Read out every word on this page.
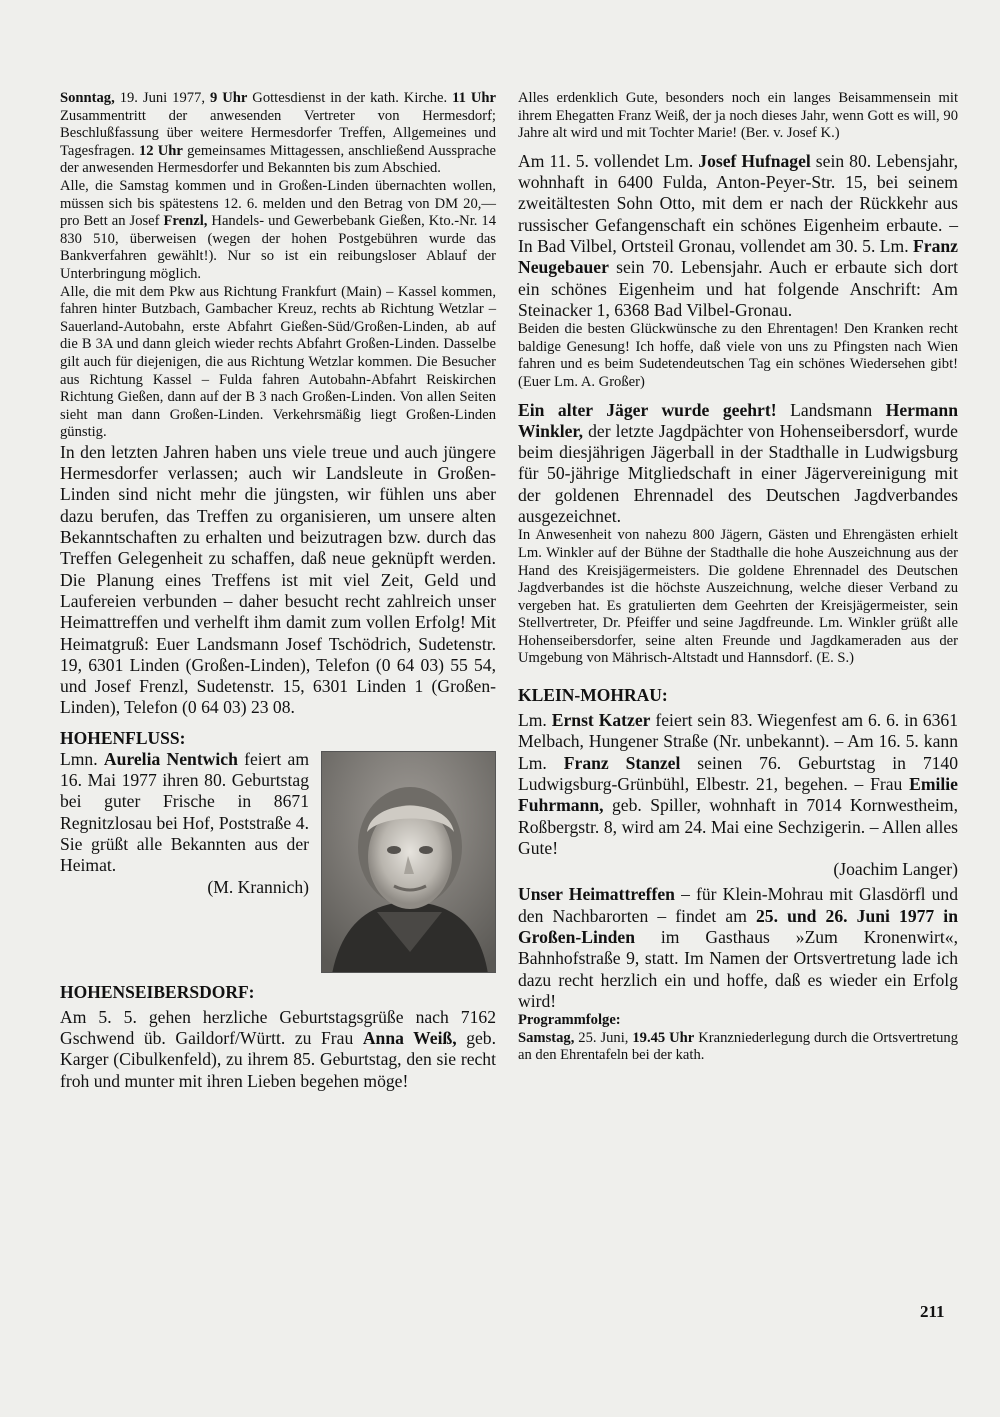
Sonntag, 19. Juni 1977, 9 Uhr Gottesdienst in der kath. Kirche. 11 Uhr Zusammentritt der anwesenden Vertreter von Hermesdorf; Beschlußfassung über weitere Hermesdorfer Treffen, Allgemeines und Tagesfragen. 12 Uhr gemeinsames Mittagessen, anschließend Aussprache der anwesenden Hermesdorfer und Bekannten bis zum Abschied.

Alle, die Samstag kommen und in Großen-Linden übernachten wollen, müssen sich bis spätestens 12. 6. melden und den Betrag von DM 20,— pro Bett an Josef Frenzl, Handels- und Gewerbebank Gießen, Kto.-Nr. 14 830 510, überweisen (wegen der hohen Postgebühren wurde das Bankverfahren gewählt!). Nur so ist ein reibungsloser Ablauf der Unterbringung möglich.

Alle, die mit dem Pkw aus Richtung Frankfurt (Main) – Kassel kommen, fahren hinter Butzbach, Gambacher Kreuz, rechts ab Richtung Wetzlar – Sauerland-Autobahn, erste Abfahrt Gießen-Süd/Großen-Linden, ab auf die B 3A und dann gleich wieder rechts Abfahrt Großen-Linden. Dasselbe gilt auch für diejenigen, die aus Richtung Wetzlar kommen. Die Besucher aus Richtung Kassel – Fulda fahren Autobahn-Abfahrt Reiskirchen Richtung Gießen, dann auf der B 3 nach Großen-Linden. Von allen Seiten sieht man dann Großen-Linden. Verkehrsmäßig liegt Großen-Linden günstig.

In den letzten Jahren haben uns viele treue und auch jüngere Hermesdorfer verlassen; auch wir Landsleute in Großen-Linden sind nicht mehr die jüngsten, wir fühlen uns aber dazu berufen, das Treffen zu organisieren, um unsere alten Bekanntschaften zu erhalten und beizutragen bzw. durch das Treffen Gelegenheit zu schaffen, daß neue geknüpft werden. Die Planung eines Treffens ist mit viel Zeit, Geld und Laufereien verbunden – daher besucht recht zahlreich unser Heimattreffen und verhelft ihm damit zum vollen Erfolg! Mit Heimatgruß: Euer Landsmann Josef Tschödrich, Sudetenstr. 19, 6301 Linden (Großen-Linden), Telefon (0 64 03) 55 54, und Josef Frenzl, Sudetenstr. 15, 6301 Linden 1 (Großen-Linden), Telefon (0 64 03) 23 08.

HOHENFLUSS:

Lmn. Aurelia Nentwich feiert am 16. Mai 1977 ihren 80. Geburtstag bei guter Frische in 8671 Regnitzlosau bei Hof, Poststraße 4. Sie grüßt alle Bekannten aus der Heimat.

(M. Krannich)

HOHENSEIBERSDORF:

Am 5. 5. gehen herzliche Geburtstagsgrüße nach 7162 Gschwend üb. Gaildorf/Württ. zu Frau Anna Weiß, geb. Karger (Cibulkenfeld), zu ihrem 85. Geburtstag, den sie recht froh und munter mit ihren Lieben begehen möge!

Alles erdenklich Gute, besonders noch ein langes Beisammensein mit ihrem Ehegatten Franz Weiß, der ja noch dieses Jahr, wenn Gott es will, 90 Jahre alt wird und mit Tochter Marie! (Ber. v. Josef K.)

Am 11. 5. vollendet Lm. Josef Hufnagel sein 80. Lebensjahr, wohnhaft in 6400 Fulda, Anton-Peyer-Str. 15, bei seinem zweitältesten Sohn Otto, mit dem er nach der Rückkehr aus russischer Gefangenschaft ein schönes Eigenheim erbaute. – In Bad Vilbel, Ortsteil Gronau, vollendet am 30. 5. Lm. Franz Neugebauer sein 70. Lebensjahr. Auch er erbaute sich dort ein schönes Eigenheim und hat folgende Anschrift: Am Steinacker 1, 6368 Bad Vilbel-Gronau.

Beiden die besten Glückwünsche zu den Ehrentagen! Den Kranken recht baldige Genesung! Ich hoffe, daß viele von uns zu Pfingsten nach Wien fahren und es beim Sudetendeutschen Tag ein schönes Wiedersehen gibt! (Euer Lm. A. Großer)

Ein alter Jäger wurde geehrt! Landsmann Hermann Winkler, der letzte Jagdpächter von Hohenseibersdorf, wurde beim diesjährigen Jägerball in der Stadthalle in Ludwigsburg für 50-jährige Mitgliedschaft in einer Jägervereinigung mit der goldenen Ehrennadel des Deutschen Jagdverbandes ausgezeichnet.

In Anwesenheit von nahezu 800 Jägern, Gästen und Ehrengästen erhielt Lm. Winkler auf der Bühne der Stadthalle die hohe Auszeichnung aus der Hand des Kreisjägermeisters. Die goldene Ehrennadel des Deutschen Jagdverbandes ist die höchste Auszeichnung, welche dieser Verband zu vergeben hat. Es gratulierten dem Geehrten der Kreisjägermeister, sein Stellvertreter, Dr. Pfeiffer und seine Jagdfreunde. Lm. Winkler grüßt alle Hohenseibersdorfer, seine alten Freunde und Jagdkameraden aus der Umgebung von Mährisch-Altstadt und Hannsdorf. (E. S.)

KLEIN-MOHRAU:

Lm. Ernst Katzer feiert sein 83. Wiegenfest am 6. 6. in 6361 Melbach, Hungener Straße (Nr. unbekannt). – Am 16. 5. kann Lm. Franz Stanzel seinen 76. Geburtstag in 7140 Ludwigsburg-Grünbühl, Elbestr. 21, begehen. – Frau Emilie Fuhrmann, geb. Spiller, wohnhaft in 7014 Kornwestheim, Roßbergstr. 8, wird am 24. Mai eine Sechzigerin. – Allen alles Gute!

(Joachim Langer)

Unser Heimattreffen – für Klein-Mohrau mit Glasdörfl und den Nachbarorten – findet am 25. und 26. Juni 1977 in Großen-Linden im Gasthaus »Zum Kronenwirt«, Bahnhofstraße 9, statt. Im Namen der Ortsvertretung lade ich dazu recht herzlich ein und hoffe, daß es wieder ein Erfolg wird!

Programmfolge:

Samstag, 25. Juni, 19.45 Uhr Kranzniederlegung durch die Ortsvertretung an den Ehrentafeln bei der kath.

211
